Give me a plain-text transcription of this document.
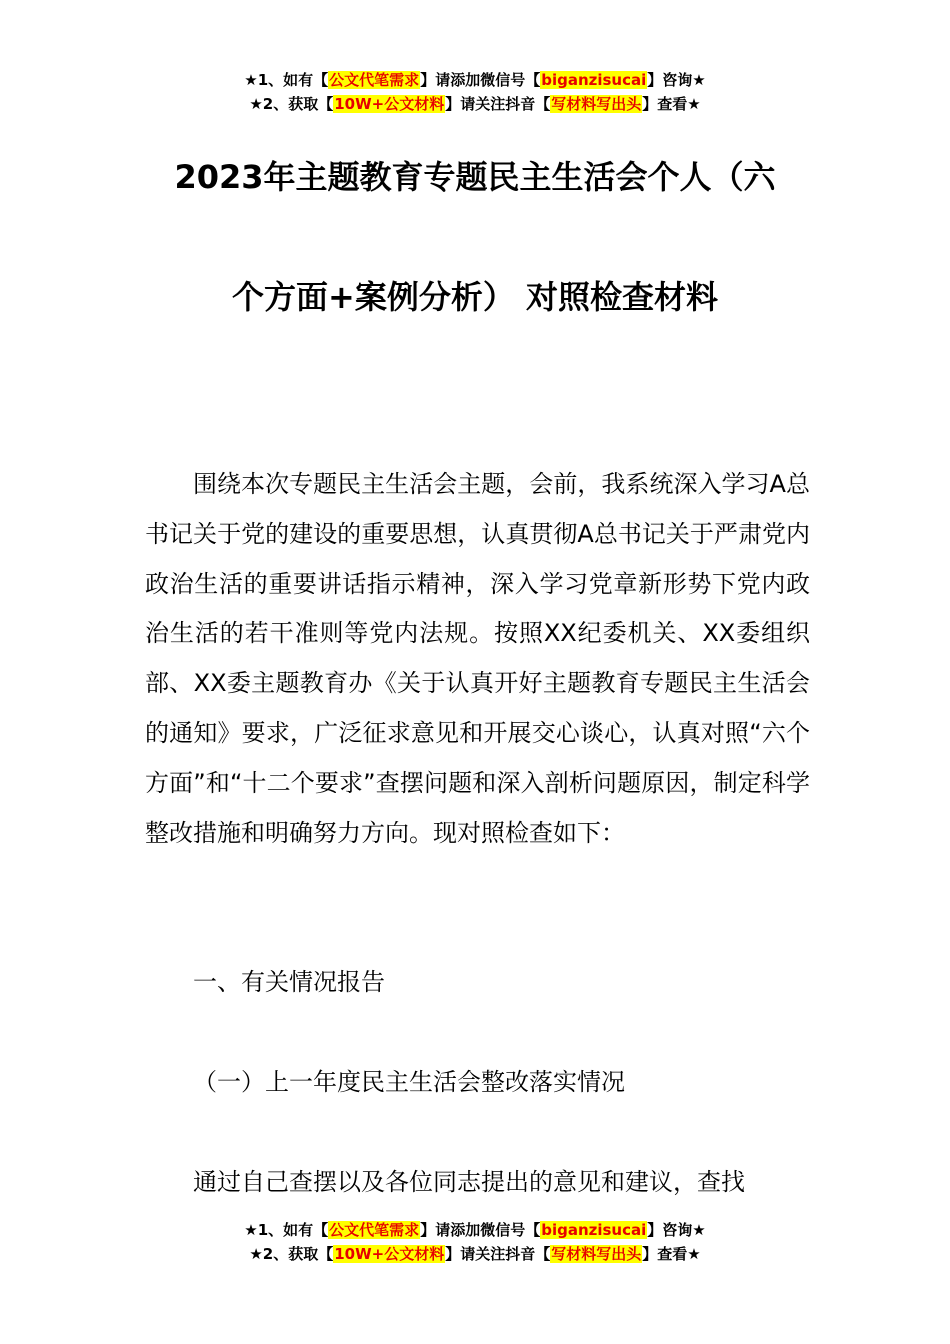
★1、如有【公文代笔需求】请添加微信号【biganzisucai】咨询★
★2、获取【10W+公文材料】请关注抖音【写材料写出头】查看★
2023年主题教育专题民主生活会个人（六
个方面+案例分析） 对照检查材料

围绕本次专题民主生活会主题，会前，我系统深入学习A总书记关于党的建设的重要思想，认真贯彻A总书记关于严肃党内政治生活的重要讲话指示精神，深入学习党章新形势下党内政治生活的若干准则等党内法规。按照XX纪委机关、XX委组织部、XX委主题教育办《关于认真开好主题教育专题民主生活会的通知》要求，广泛征求意见和开展交心谈心，认真对照“六个方面”和“十二个要求”查摆问题和深入剖析问题原因，制定科学整改措施和明确努力方向。现对照检查如下：

一、有关情况报告

（一）上一年度民主生活会整改落实情况

通过自己查摆以及各位同志提出的意见和建议，查找

★1、如有【公文代笔需求】请添加微信号【biganzisucai】咨询★
★2、获取【10W+公文材料】请关注抖音【写材料写出头】查看★
